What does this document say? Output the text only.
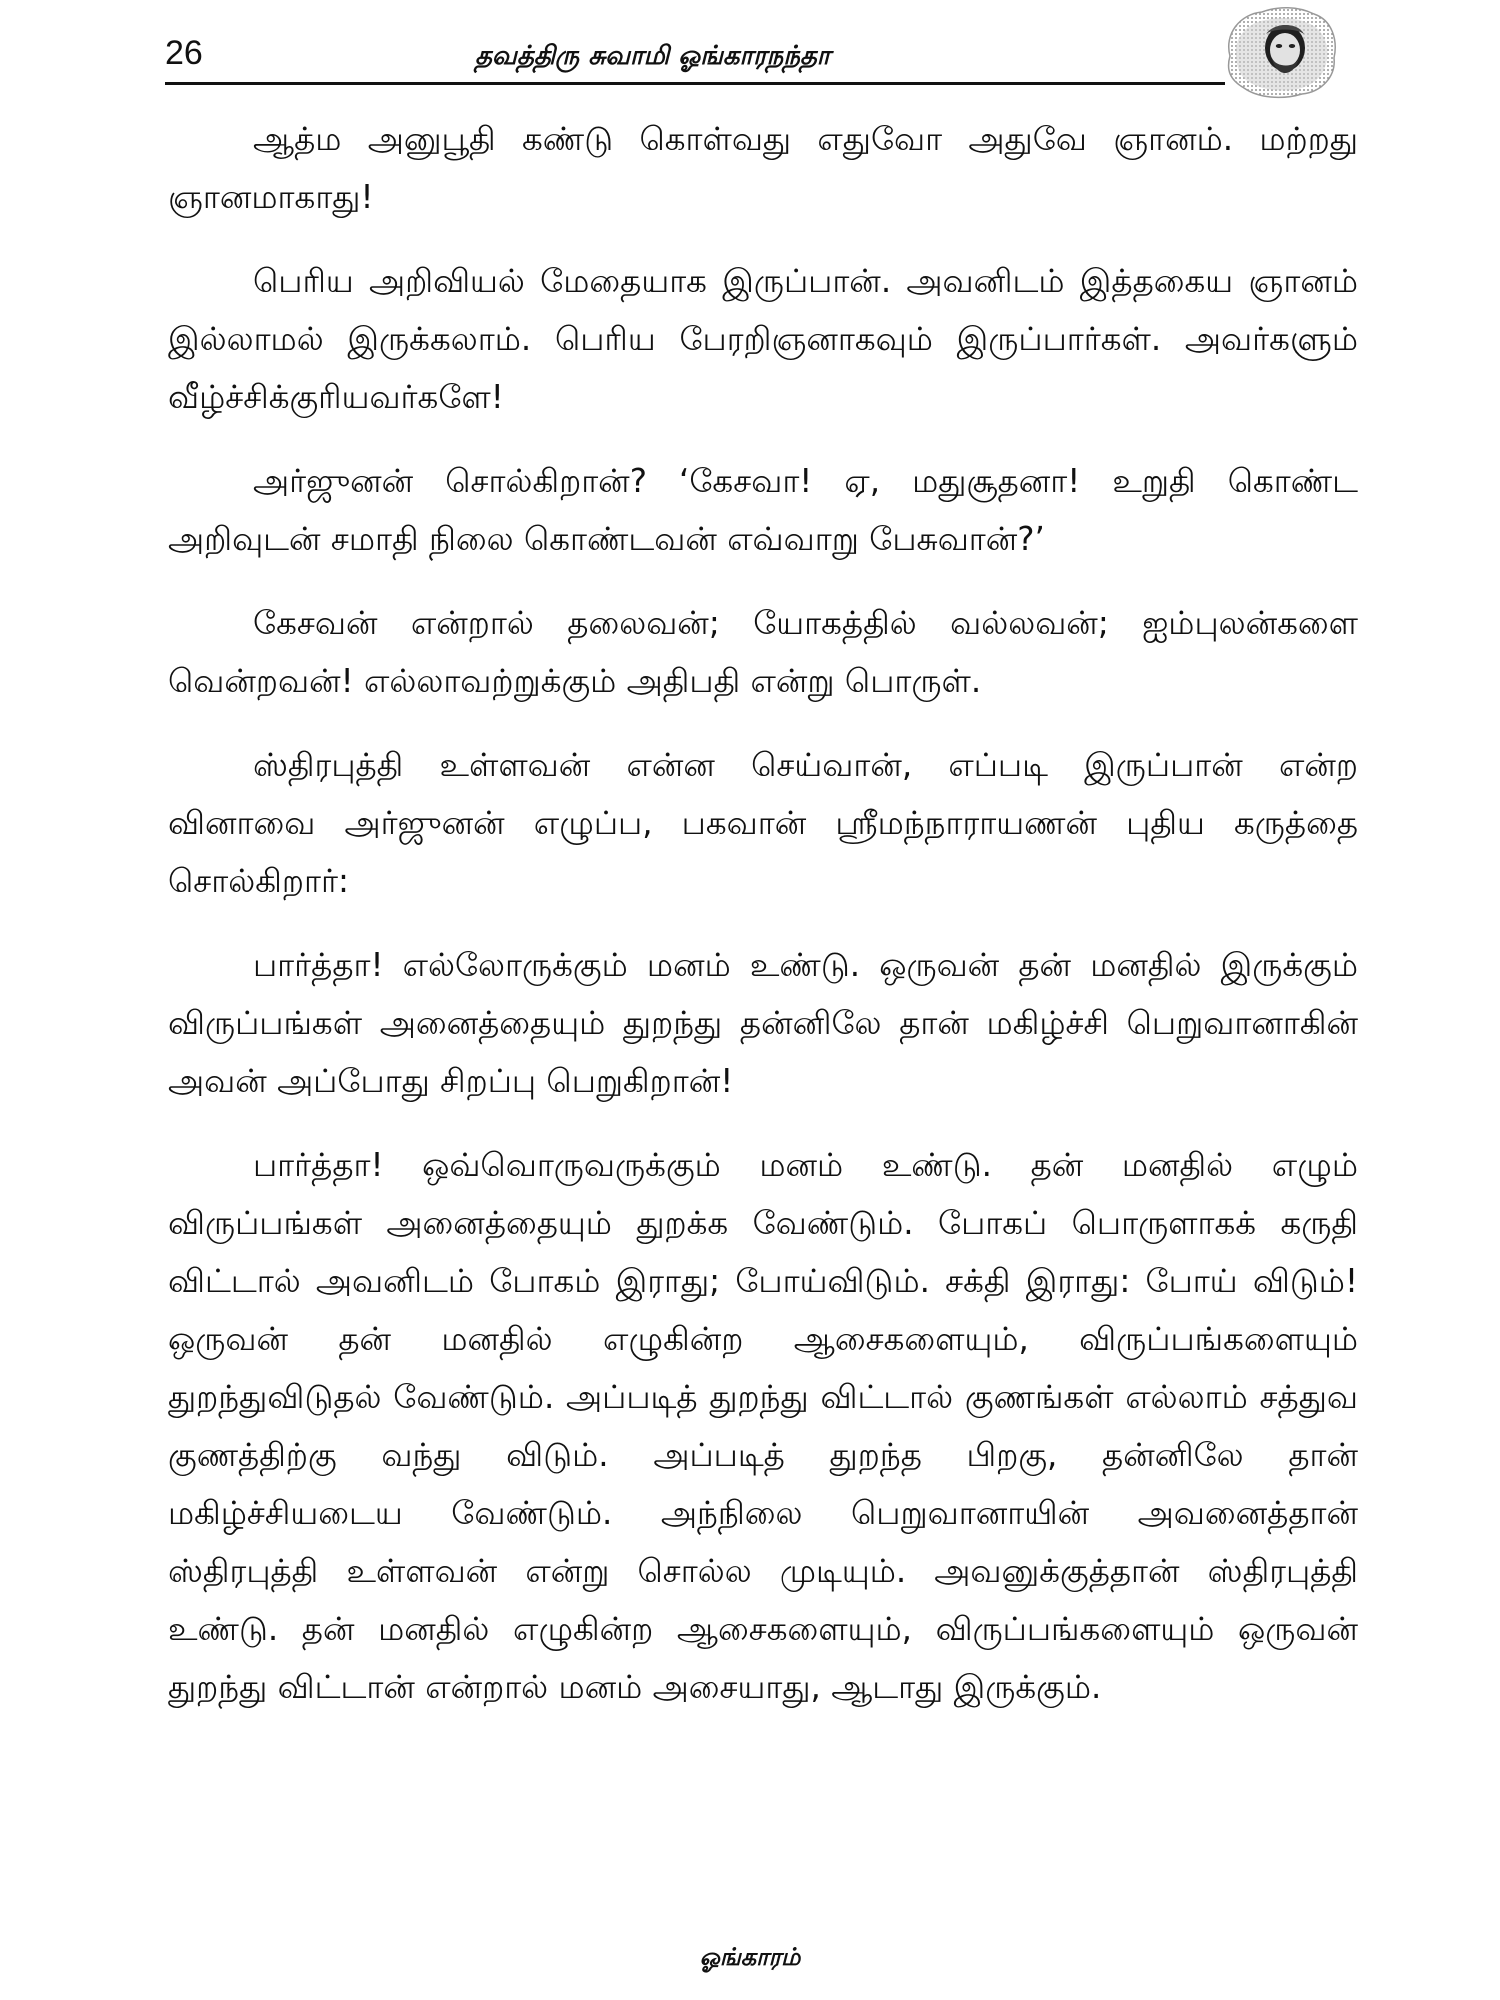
26	தவத்திரு சுவாமி ஓங்காரநந்தா

ஆத்ம அனுபூதி கண்டு கொள்வது எதுவோ அதுவே ஞானம். மற்றது ஞானமாகாது!

பெரிய அறிவியல் மேதையாக இருப்பான். அவனிடம் இத்தகைய ஞானம் இல்லாமல் இருக்கலாம். பெரிய பேரறிஞனாகவும் இருப்பார்கள். அவர்களும் வீழ்ச்சிக்குரியவர்களே!

அர்ஜுனன் சொல்கிறான்? ‘கேசவா! ஏ, மதுசூதனா! உறுதி கொண்ட அறிவுடன் சமாதி நிலை கொண்டவன் எவ்வாறு பேசுவான்?’

கேசவன் என்றால் தலைவன்; யோகத்தில் வல்லவன்; ஐம்புலன்களை வென்றவன்! எல்லாவற்றுக்கும் அதிபதி என்று பொருள்.

ஸ்திரபுத்தி உள்ளவன் என்ன செய்வான், எப்படி இருப்பான் என்ற வினாவை அர்ஜுனன் எழுப்ப, பகவான் ஸ்ரீமந்நாராயணன் புதிய கருத்தை சொல்கிறார்:

பார்த்தா! எல்லோருக்கும் மனம் உண்டு. ஒருவன் தன் மனதில் இருக்கும் விருப்பங்கள் அனைத்தையும் துறந்து தன்னிலே தான் மகிழ்ச்சி பெறுவானாகின் அவன் அப்போது சிறப்பு பெறுகிறான்!

பார்த்தா! ஒவ்வொருவருக்கும் மனம் உண்டு. தன் மனதில் எழும் விருப்பங்கள் அனைத்தையும் துறக்க வேண்டும். போகப் பொருளாகக் கருதி விட்டால் அவனிடம் போகம் இராது; போய்விடும். சக்தி இராது: போய் விடும்! ஒருவன் தன் மனதில் எழுகின்ற ஆசைகளையும், விருப்பங்களையும் துறந்துவிடுதல் வேண்டும். அப்படித் துறந்து விட்டால் குணங்கள் எல்லாம் சத்துவ குணத்திற்கு வந்து விடும். அப்படித் துறந்த பிறகு, தன்னிலே தான் மகிழ்ச்சியடைய வேண்டும். அந்நிலை பெறுவானாயின் அவனைத்தான் ஸ்திரபுத்தி உள்ளவன் என்று சொல்ல முடியும். அவனுக்குத்தான் ஸ்திரபுத்தி உண்டு. தன் மனதில் எழுகின்ற ஆசைகளையும், விருப்பங்களையும் ஒருவன் துறந்து விட்டான் என்றால் மனம் அசையாது, ஆடாது இருக்கும்.

ஓங்காரம்
